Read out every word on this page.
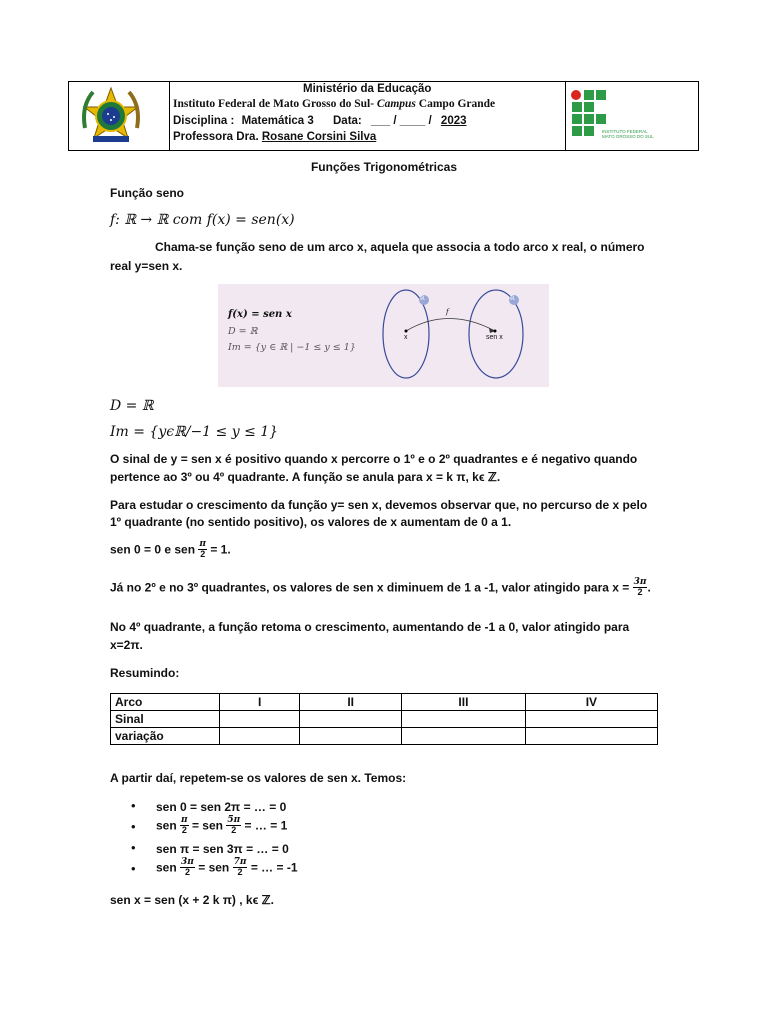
Ministério da Educação
Instituto Federal de Mato Grosso do Sul- Campus Campo Grande
Disciplina : Matemática 3 Data: ___ / ____ / 2023
Professora Dra. Rosane Corsini Silva	INSTITUTO FEDERAL
MATO GROSSO DO SUL
Funções Trigonométricas
Função seno
f: ℝ → ℝ com f(x) = sen(x)
Chama-se função seno de um arco x, aquela que associa a todo arco x real, o número
real y=sen x.
f(x) = sen x
D = ℝ
Im = {y ∈ ℝ | −1 ≤ y ≤ 1}
ℝ	ℝ
f
x	sen x
D = ℝ
Im = {yϵℝ/−1 ≤ y ≤ 1}
O sinal de y = sen x é positivo quando x percorre o 1º e o 2º quadrantes e é negativo quando
pertence ao 3º ou 4º quadrante. A função se anula para x = k π, kϵ ℤ.
Para estudar o crescimento da função y= sen x, devemos observar que, no percurso de x pelo
1º quadrante (no sentido positivo), os valores de x aumentam de 0 a 1.
sen 0 = 0 e sen $\frac{\pi}{2} = 1$.
Já no 2º e no 3º quadrantes, os valores de sen x diminuem de 1 a -1, valor atingido para $x = \frac{3\pi}{2}$ .
No 4º quadrante, a função retoma o crescimento, aumentando de -1 a 0, valor atingido para
x=2π.
Resumindo:
Arco	I	II	III	IV
Sinal				
variação				
A partir daí, repetem-se os valores de sen x. Temos:
• sen 0 = sen 2π = … = 0
• sen $\frac{\pi}{2}$ = sen $\frac{5\pi}{2}$ = … = 1
• sen π = sen 3π = … = 0
• sen $\frac{3\pi}{2}$ = sen $\frac{7\pi}{2}$ = … = -1
sen x = sen (x + 2 k π) , kϵ ℤ.
